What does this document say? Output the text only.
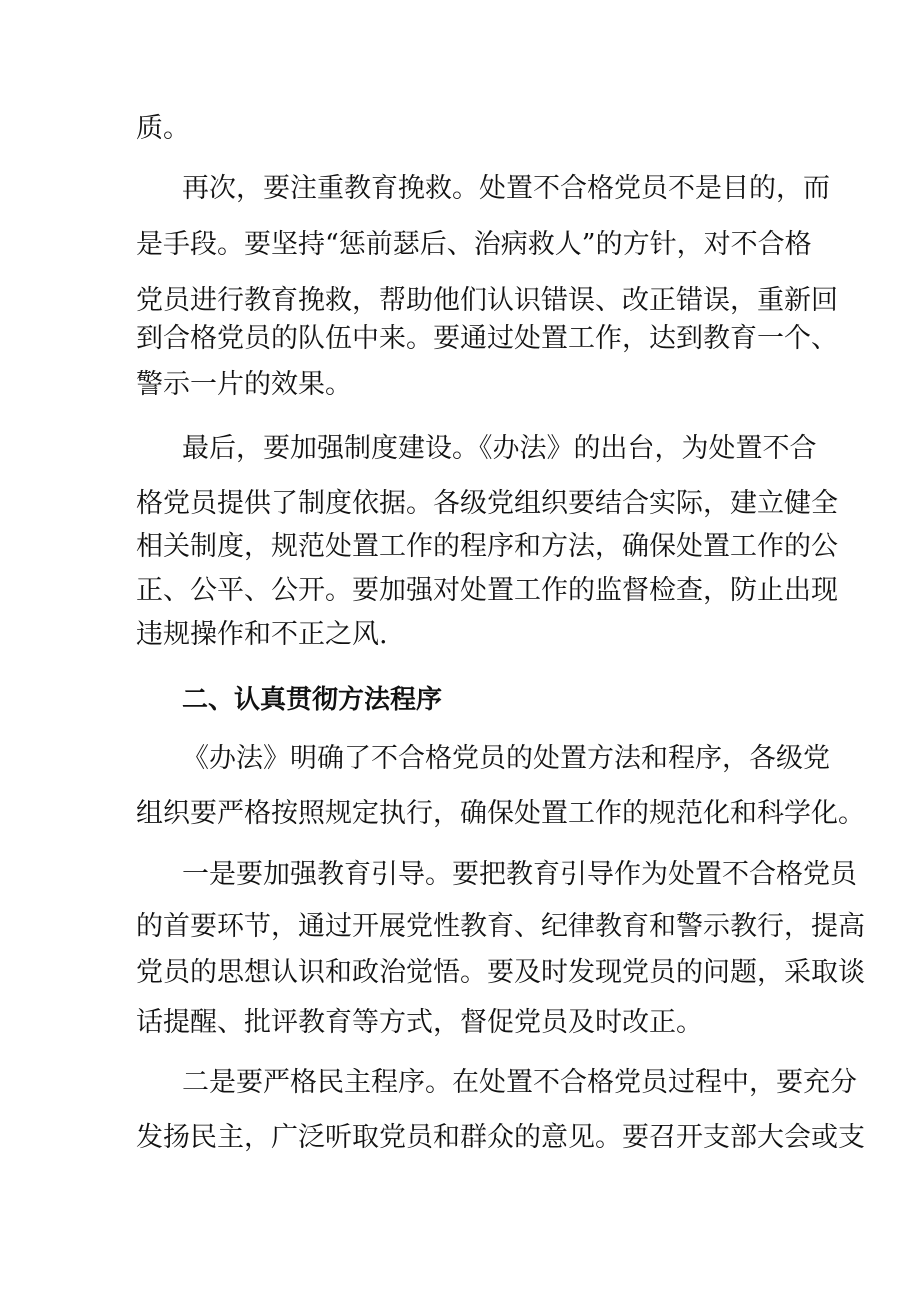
质。
再次，要注重教育挽救。处置不合格党员不是目的，而
是手段。要坚持“惩前瑟后、治病救人”的方针，对不合格
党员进行教育挽救，帮助他们认识错误、改正错误，重新回
到合格党员的队伍中来。要通过处置工作，达到教育一个、
警示一片的效果。
最后，要加强制度建设。《办法》的出台，为处置不合
格党员提供了制度依据。各级党组织要结合实际，建立健全
相关制度，规范处置工作的程序和方法，确保处置工作的公
正、公平、公开。要加强对处置工作的监督检查，防止出现
违规操作和不正之风.
二、认真贯彻方法程序
《办法》明确了不合格党员的处置方法和程序，各级党
组织要严格按照规定执行，确保处置工作的规范化和科学化。
一是要加强教育引导。要把教育引导作为处置不合格党员
的首要环节，通过开展党性教育、纪律教育和警示教行，提高
党员的思想认识和政治觉悟。要及时发现党员的问题，采取谈
话提醒、批评教育等方式，督促党员及时改正。
二是要严格民主程序。在处置不合格党员过程中，要充分
发扬民主，广泛听取党员和群众的意见。要召开支部大会或支
